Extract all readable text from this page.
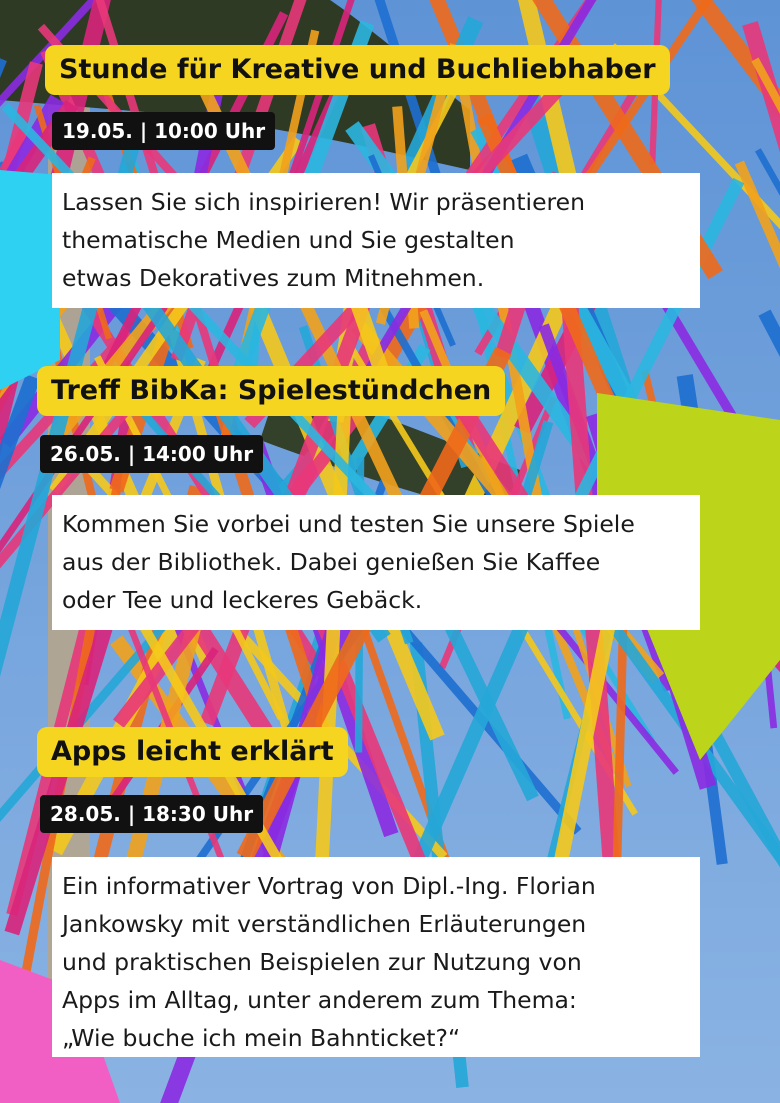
Stunde für Kreative und Buchliebhaber
19.05. | 10:00 Uhr
Lassen Sie sich inspirieren! Wir präsentieren
thematische Medien und Sie gestalten
etwas Dekoratives zum Mitnehmen.
Treff BibKa: Spielestündchen
26.05. | 14:00 Uhr
Kommen Sie vorbei und testen Sie unsere Spiele
aus der Bibliothek. Dabei genießen Sie Kaffee
oder Tee und leckeres Gebäck.
Apps leicht erklärt
28.05. | 18:30 Uhr
Ein informativer Vortrag von Dipl.-Ing. Florian
Jankowsky mit verständlichen Erläuterungen
und praktischen Beispielen zur Nutzung von
Apps im Alltag, unter anderem zum Thema:
„Wie buche ich mein Bahnticket?“
